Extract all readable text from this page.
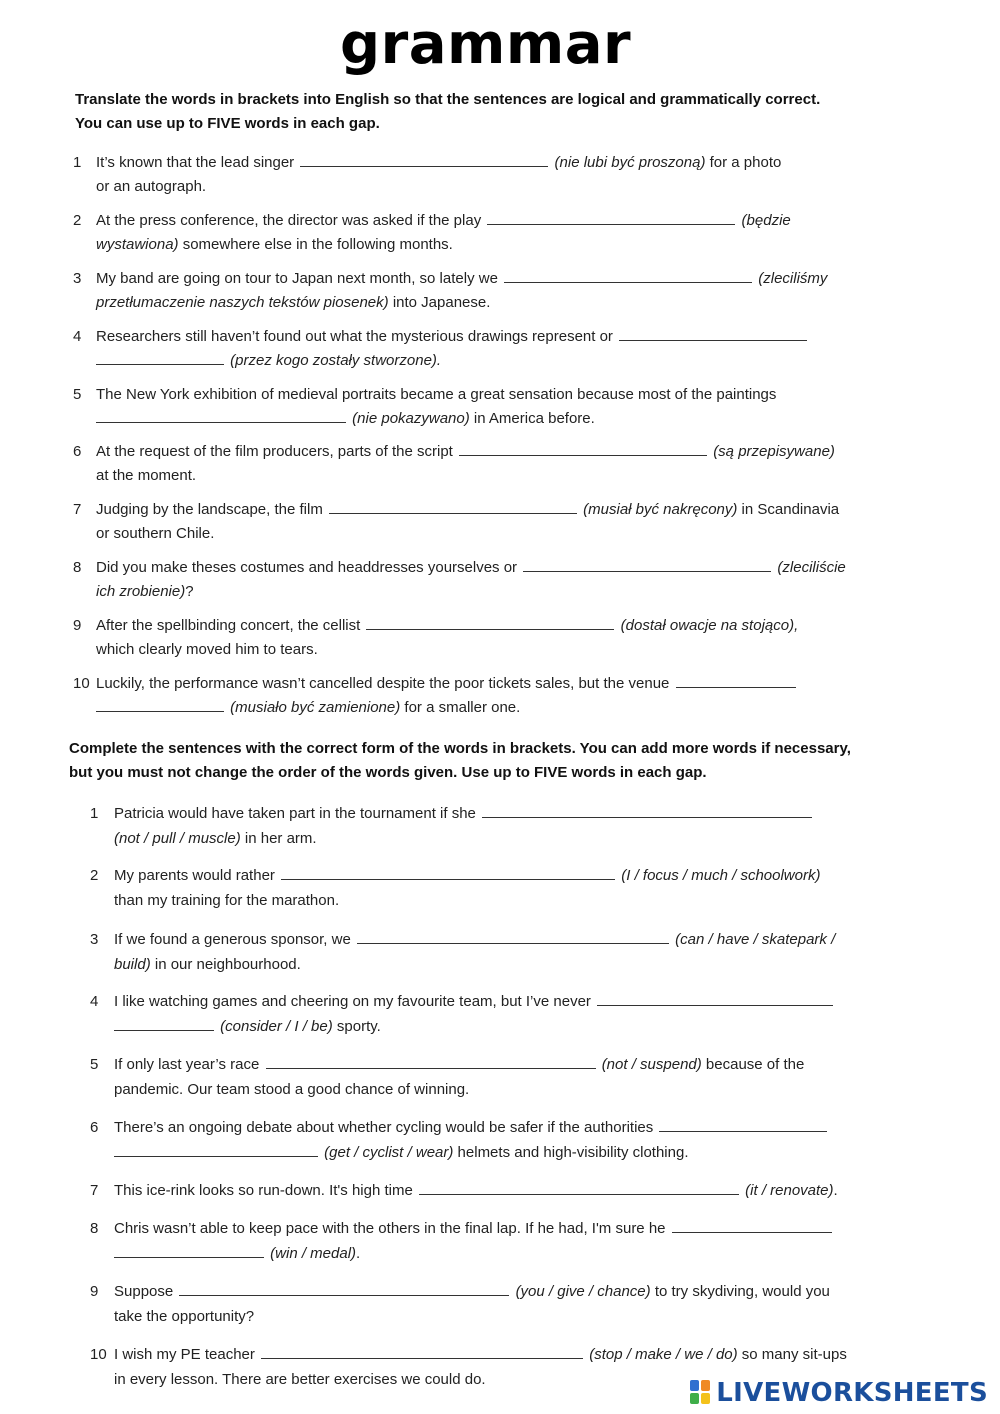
grammar
Translate the words in brackets into English so that the sentences are logical and grammatically correct.
You can use up to FIVE words in each gap.
1 It’s known that the lead singer	(nie lubi być proszoną) for a photo
or an autograph.
2 At the press conference, the director was asked if the play	(będzie
wystawiona) somewhere else in the following months.
3 My band are going on tour to Japan next month, so lately we	(zleciliśmy
przetłumaczenie naszych tekstów piosenek) into Japanese.
4 Researchers still haven’t found out what the mysterious drawings represent or
(przez kogo zostały stworzone).
5 The New York exhibition of medieval portraits became a great sensation because most of the paintings
(nie pokazywano) in America before.
6 At the request of the film producers, parts of the script	(są przepisywane)
at the moment.
7 Judging by the landscape, the film	(musiał być nakręcony) in Scandinavia
or southern Chile.
8 Did you make theses costumes and headdresses yourselves or	(zleciliście
ich zrobienie)?
9 After the spellbinding concert, the cellist	(dostał owacje na stojąco),
which clearly moved him to tears.
10 Luckily, the performance wasn’t cancelled despite the poor tickets sales, but the venue
(musiało być zamienione) for a smaller one.
Complete the sentences with the correct form of the words in brackets. You can add more words if necessary,
but you must not change the order of the words given. Use up to FIVE words in each gap.
1	Patricia would have taken part in the tournament if she
(not / pull / muscle) in her arm.
2	My parents would rather	(I / focus / much / schoolwork)
than my training for the marathon.
3	If we found a generous sponsor, we	(can / have / skatepark /
build) in our neighbourhood.
4	I like watching games and cheering on my favourite team, but I’ve never
(consider / I / be) sporty.
5	If only last year’s race	(not / suspend) because of the
pandemic. Our team stood a good chance of winning.
6	There’s an ongoing debate about whether cycling would be safer if the authorities
(get / cyclist / wear) helmets and high-visibility clothing.
7	This ice-rink looks so run-down. It's high time	(it / renovate).
8	Chris wasn’t able to keep pace with the others in the final lap. If he had, I'm sure he
(win / medal).
9	Suppose	(you / give / chance) to try skydiving, would you
take the opportunity?
10 I wish my PE teacher	(stop / make / we / do) so many sit-ups
in every lesson. There are better exercises we could do.	LIVEWORKSHEETS
